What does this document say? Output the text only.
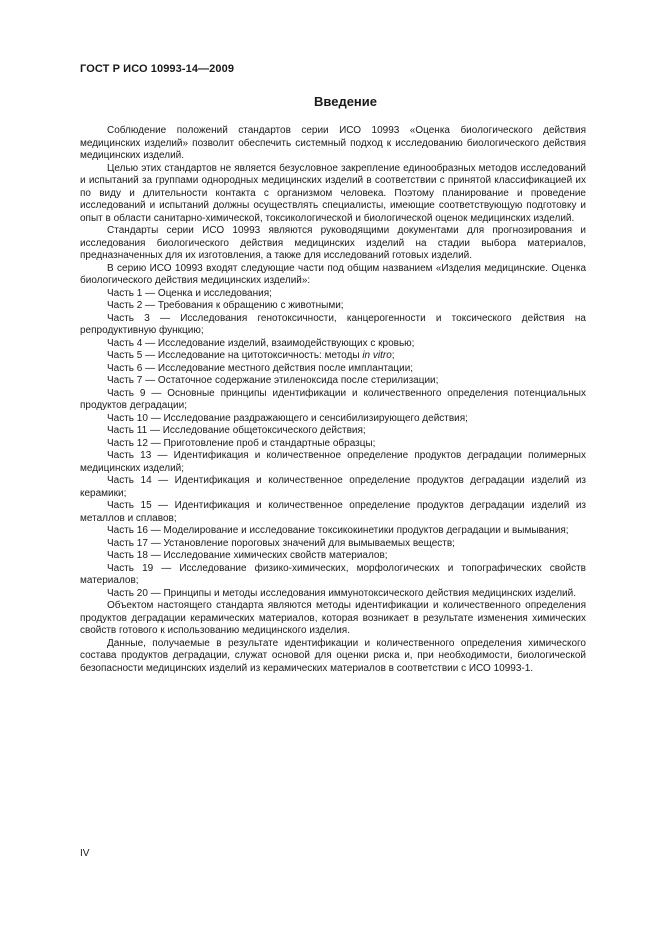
ГОСТ Р ИСО 10993-14—2009
Введение

Соблюдение положений стандартов серии ИСО 10993 «Оценка биологического действия медицинских изделий» позволит обеспечить системный подход к исследованию биологического действия медицинских изделий.

Целью этих стандартов не является безусловное закрепление единообразных методов исследований и испытаний за группами однородных медицинских изделий в соответствии с принятой классификацией их по виду и длительности контакта с организмом человека. Поэтому планирование и проведение исследований и испытаний должны осуществлять специалисты, имеющие соответствующую подготовку и опыт в области санитарно-химической, токсикологической и биологической оценок медицинских изделий.

Стандарты серии ИСО 10993 являются руководящими документами для прогнозирования и исследования биологического действия медицинских изделий на стадии выбора материалов, предназначенных для их изготовления, а также для исследований готовых изделий.

В серию ИСО 10993 входят следующие части под общим названием «Изделия медицинские. Оценка биологического действия медицинских изделий»:

Часть 1 — Оценка и исследования;
Часть 2 — Требования к обращению с животными;
Часть 3 — Исследования генотоксичности, канцерогенности и токсического действия на репродуктивную функцию;
Часть 4 — Исследование изделий, взаимодействующих с кровью;
Часть 5 — Исследование на цитотоксичность: методы in vitro;
Часть 6 — Исследование местного действия после имплантации;
Часть 7 — Остаточное содержание этиленоксида после стерилизации;
Часть 9 — Основные принципы идентификации и количественного определения потенциальных продуктов деградации;
Часть 10 — Исследование раздражающего и сенсибилизирующего действия;
Часть 11 — Исследование общетоксического действия;
Часть 12 — Приготовление проб и стандартные образцы;
Часть 13 — Идентификация и количественное определение продуктов деградации полимерных медицинских изделий;
Часть 14 — Идентификация и количественное определение продуктов деградации изделий из керамики;
Часть 15 — Идентификация и количественное определение продуктов деградации изделий из металлов и сплавов;
Часть 16 — Моделирование и исследование токсикокинетики продуктов деградации и вымывания;
Часть 17 — Установление пороговых значений для вымываемых веществ;
Часть 18 — Исследование химических свойств материалов;
Часть 19 — Исследование физико-химических, морфологических и топографических свойств материалов;
Часть 20 — Принципы и методы исследования иммунотоксического действия медицинских изделий.

Объектом настоящего стандарта являются методы идентификации и количественного определения продуктов деградации керамических материалов, которая возникает в результате изменения химических свойств готового к использованию медицинского изделия.

Данные, получаемые в результате идентификации и количественного определения химического состава продуктов деградации, служат основой для оценки риска и, при необходимости, биологической безопасности медицинских изделий из керамических материалов в соответствии с ИСО 10993-1.

IV
